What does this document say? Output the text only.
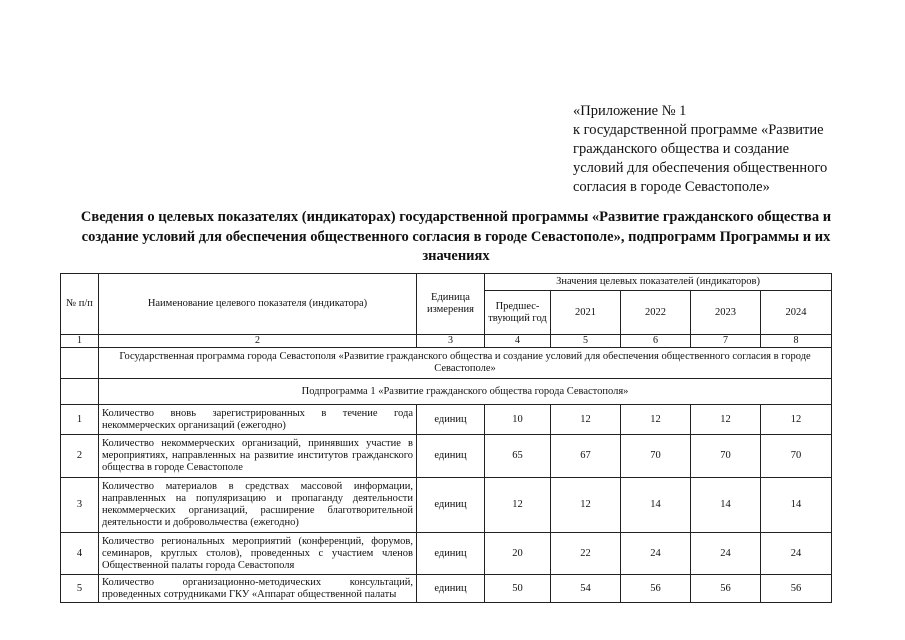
«Приложение № 1
к государственной программе «Развитие
гражданского общества и создание
условий для обеспечения общественного
согласия в городе Севастополе»
Сведения о целевых показателях (индикаторах) государственной программы «Развитие гражданского общества и
создание условий для обеспечения общественного согласия в городе Севастополе», подпрограмм Программы и их
значениях
№ п/п	Наименование целевого показателя (индикатора)	Единица измерения	Значения целевых показателей (индикаторов)				
			Предшес-твующий год	2021	2022	2023	2024
1	2	3	4	5	6	7	8
	Государственная программа города Севастополя «Развитие гражданского общества и создание условий для обеспечения общественного согласия в городе Севастополе»						
	Подпрограмма 1 «Развитие гражданского общества города Севастополя»						
1	Количество вновь зарегистрированных в течение года некоммерческих организаций (ежегодно)	единиц	10	12	12	12	12
2	Количество некоммерческих организаций, принявших участие в мероприятиях, направленных на развитие институтов гражданского общества в городе Севастополе	единиц	65	67	70	70	70
3	Количество материалов в средствах массовой информации, направленных на популяризацию и пропаганду деятельности некоммерческих организаций, расширение благотворительной деятельности и добровольчества (ежегодно)	единиц	12	12	14	14	14
4	Количество региональных мероприятий (конференций, форумов, семинаров, круглых столов), проведенных с участием членов Общественной палаты города Севастополя	единиц	20	22	24	24	24
5	Количество организационно-методических консультаций, проведенных сотрудниками ГКУ «Аппарат общественной палаты	единиц	50	54	56	56	56
